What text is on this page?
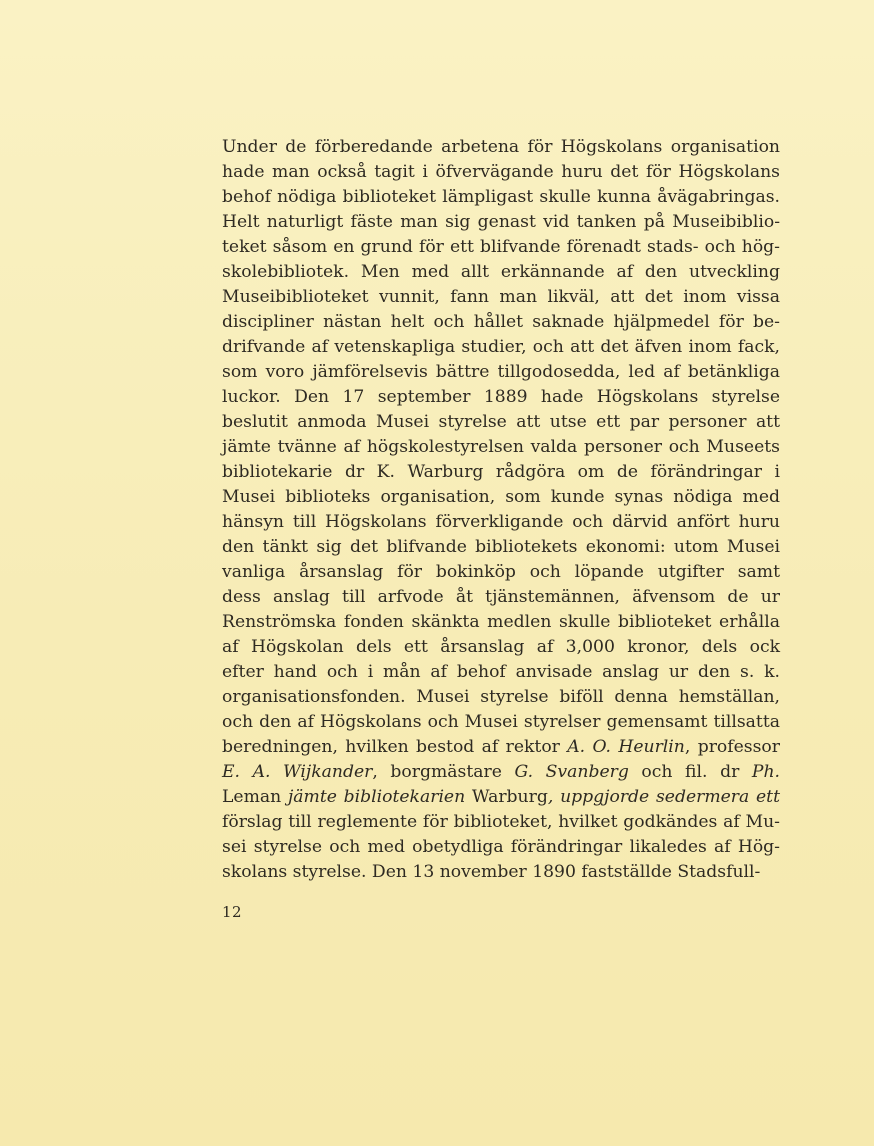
Under de förberedande arbetena för Högskolans organisation
hade man också tagit i öfvervägande huru det för Högskolans
behof nödiga biblioteket lämpligast skulle kunna åvägabringas.
Helt naturligt fäste man sig genast vid tanken på Museibiblio-
teket såsom en grund för ett blifvande förenadt stads- och hög-
skolebibliotek. Men med allt erkännande af den utveckling
Museibiblioteket vunnit, fann man likväl, att det inom vissa
discipliner nästan helt och hållet saknade hjälpmedel för be-
drifvande af vetenskapliga studier, och att det äfven inom fack,
som voro jämförelsevis bättre tillgodosedda, led af betänkliga
luckor. Den 17 september 1889 hade Högskolans styrelse
beslutit anmoda Musei styrelse att utse ett par personer att
jämte tvänne af högskolestyrelsen valda personer och Museets
bibliotekarie dr K. Warburg rådgöra om de förändringar i
Musei biblioteks organisation, som kunde synas nödiga med
hänsyn till Högskolans förverkligande och därvid anfört huru
den tänkt sig det blifvande bibliotekets ekonomi: utom Musei
vanliga årsanslag för bokinköp och löpande utgifter samt
dess anslag till arfvode åt tjänstemännen, äfvensom de ur
Renströmska fonden skänkta medlen skulle biblioteket erhålla
af Högskolan dels ett årsanslag af 3,000 kronor, dels ock
efter hand och i mån af behof anvisade anslag ur den s. k.
organisationsfonden. Musei styrelse biföll denna hemställan,
och den af Högskolans och Musei styrelser gemensamt tillsatta
beredningen, hvilken bestod af rektor A. O. Heurlin, professor
E. A. Wijkander, borgmästare G. Svanberg och fil. dr Ph.
Leman jämte bibliotekarien Warburg, uppgjorde sedermera ett
förslag till reglemente för biblioteket, hvilket godkändes af Mu-
sei styrelse och med obetydliga förändringar likaledes af Hög-
skolans styrelse. Den 13 november 1890 fastställde Stadsfull-
12
